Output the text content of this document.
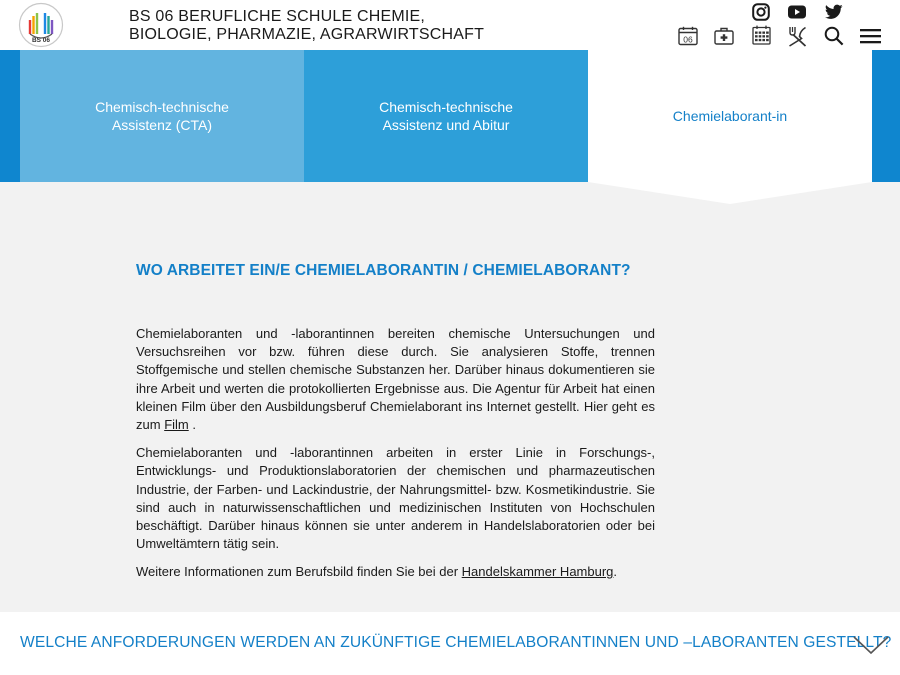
BS 06
BS 06 BERUFLICHE SCHULE CHEMIE,
BIOLOGIE, PHARMAZIE, AGRARWIRTSCHAFT	06
Chemisch-technische
Assistenz (CTA)
Chemisch-technische
Assistenz und Abitur
Chemielaborant-in
WO ARBEITET EIN/E CHEMIELABORANTIN / CHEMIELABORANT?

Chemielaboranten und -laborantinnen bereiten chemische Untersuchungen und Versuchsreihen vor bzw. führen diese durch. Sie analysieren Stoffe, trennen Stoffgemische und stellen chemische Substanzen her. Darüber hinaus dokumentieren sie ihre Arbeit und werten die protokollierten Ergebnisse aus. Die Agentur für Arbeit hat einen kleinen Film über den Ausbildungsberuf Chemielaborant ins Internet gestellt. Hier geht es zum Film .

Chemielaboranten und -laborantinnen arbeiten in erster Linie in Forschungs-, Entwicklungs- und Produktionslaboratorien der chemischen und pharmazeutischen Industrie, der Farben- und Lackindustrie, der Nahrungsmittel- bzw. Kosmetikindustrie. Sie sind auch in naturwissenschaftlichen und medizinischen Instituten von Hochschulen beschäftigt. Darüber hinaus können sie unter anderem in Handelslaboratorien oder bei Umweltämtern tätig sein.

Weitere Informationen zum Berufsbild finden Sie bei der Handelskammer Hamburg.

WELCHE ANFORDERUNGEN WERDEN AN ZUKÜNFTIGE CHEMIELABORANTINNEN UND –LABORANTEN GESTELLT?
